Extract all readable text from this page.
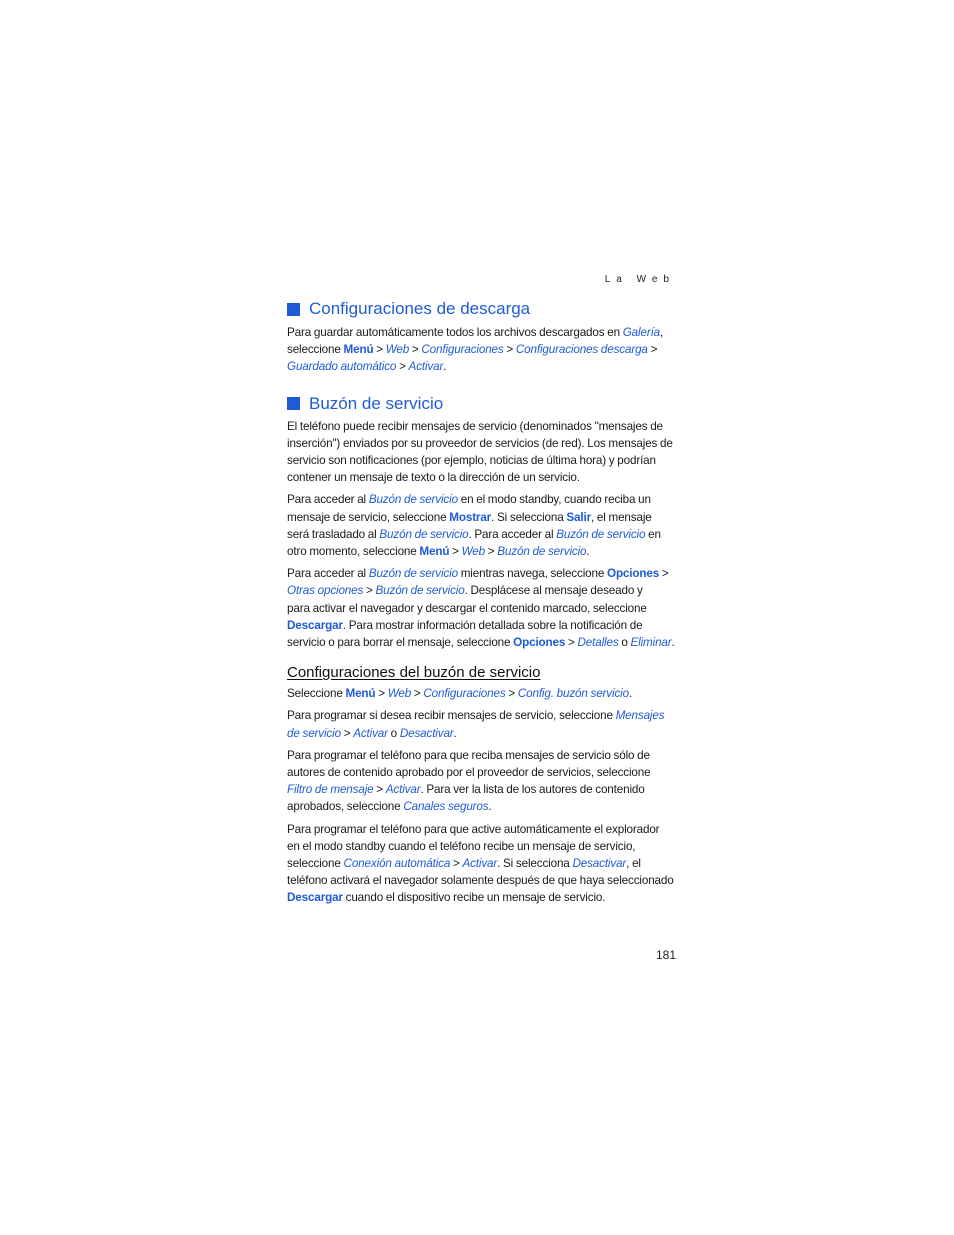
La Web
Configuraciones de descarga

Para guardar automáticamente todos los archivos descargados en Galería,
seleccione Menú > Web > Configuraciones > Configuraciones descarga >
Guardado automático > Activar.

Buzón de servicio

El teléfono puede recibir mensajes de servicio (denominados "mensajes de
inserción") enviados por su proveedor de servicios (de red). Los mensajes de
servicio son notificaciones (por ejemplo, noticias de última hora) y podrían
contener un mensaje de texto o la dirección de un servicio.

Para acceder al Buzón de servicio en el modo standby, cuando reciba un
mensaje de servicio, seleccione Mostrar. Si selecciona Salir, el mensaje
será trasladado al Buzón de servicio. Para acceder al Buzón de servicio en
otro momento, seleccione Menú > Web > Buzón de servicio.

Para acceder al Buzón de servicio mientras navega, seleccione Opciones >
Otras opciones > Buzón de servicio. Desplácese al mensaje deseado y
para activar el navegador y descargar el contenido marcado, seleccione
Descargar. Para mostrar información detallada sobre la notificación de
servicio o para borrar el mensaje, seleccione Opciones > Detalles o Eliminar.

Configuraciones del buzón de servicio

Seleccione Menú > Web > Configuraciones > Config. buzón servicio.

Para programar si desea recibir mensajes de servicio, seleccione Mensajes
de servicio > Activar o Desactivar.

Para programar el teléfono para que reciba mensajes de servicio sólo de
autores de contenido aprobado por el proveedor de servicios, seleccione
Filtro de mensaje > Activar. Para ver la lista de los autores de contenido
aprobados, seleccione Canales seguros.

Para programar el teléfono para que active automáticamente el explorador
en el modo standby cuando el teléfono recibe un mensaje de servicio,
seleccione Conexión automática > Activar. Si selecciona Desactivar, el
teléfono activará el navegador solamente después de que haya seleccionado
Descargar cuando el dispositivo recibe un mensaje de servicio.

181
